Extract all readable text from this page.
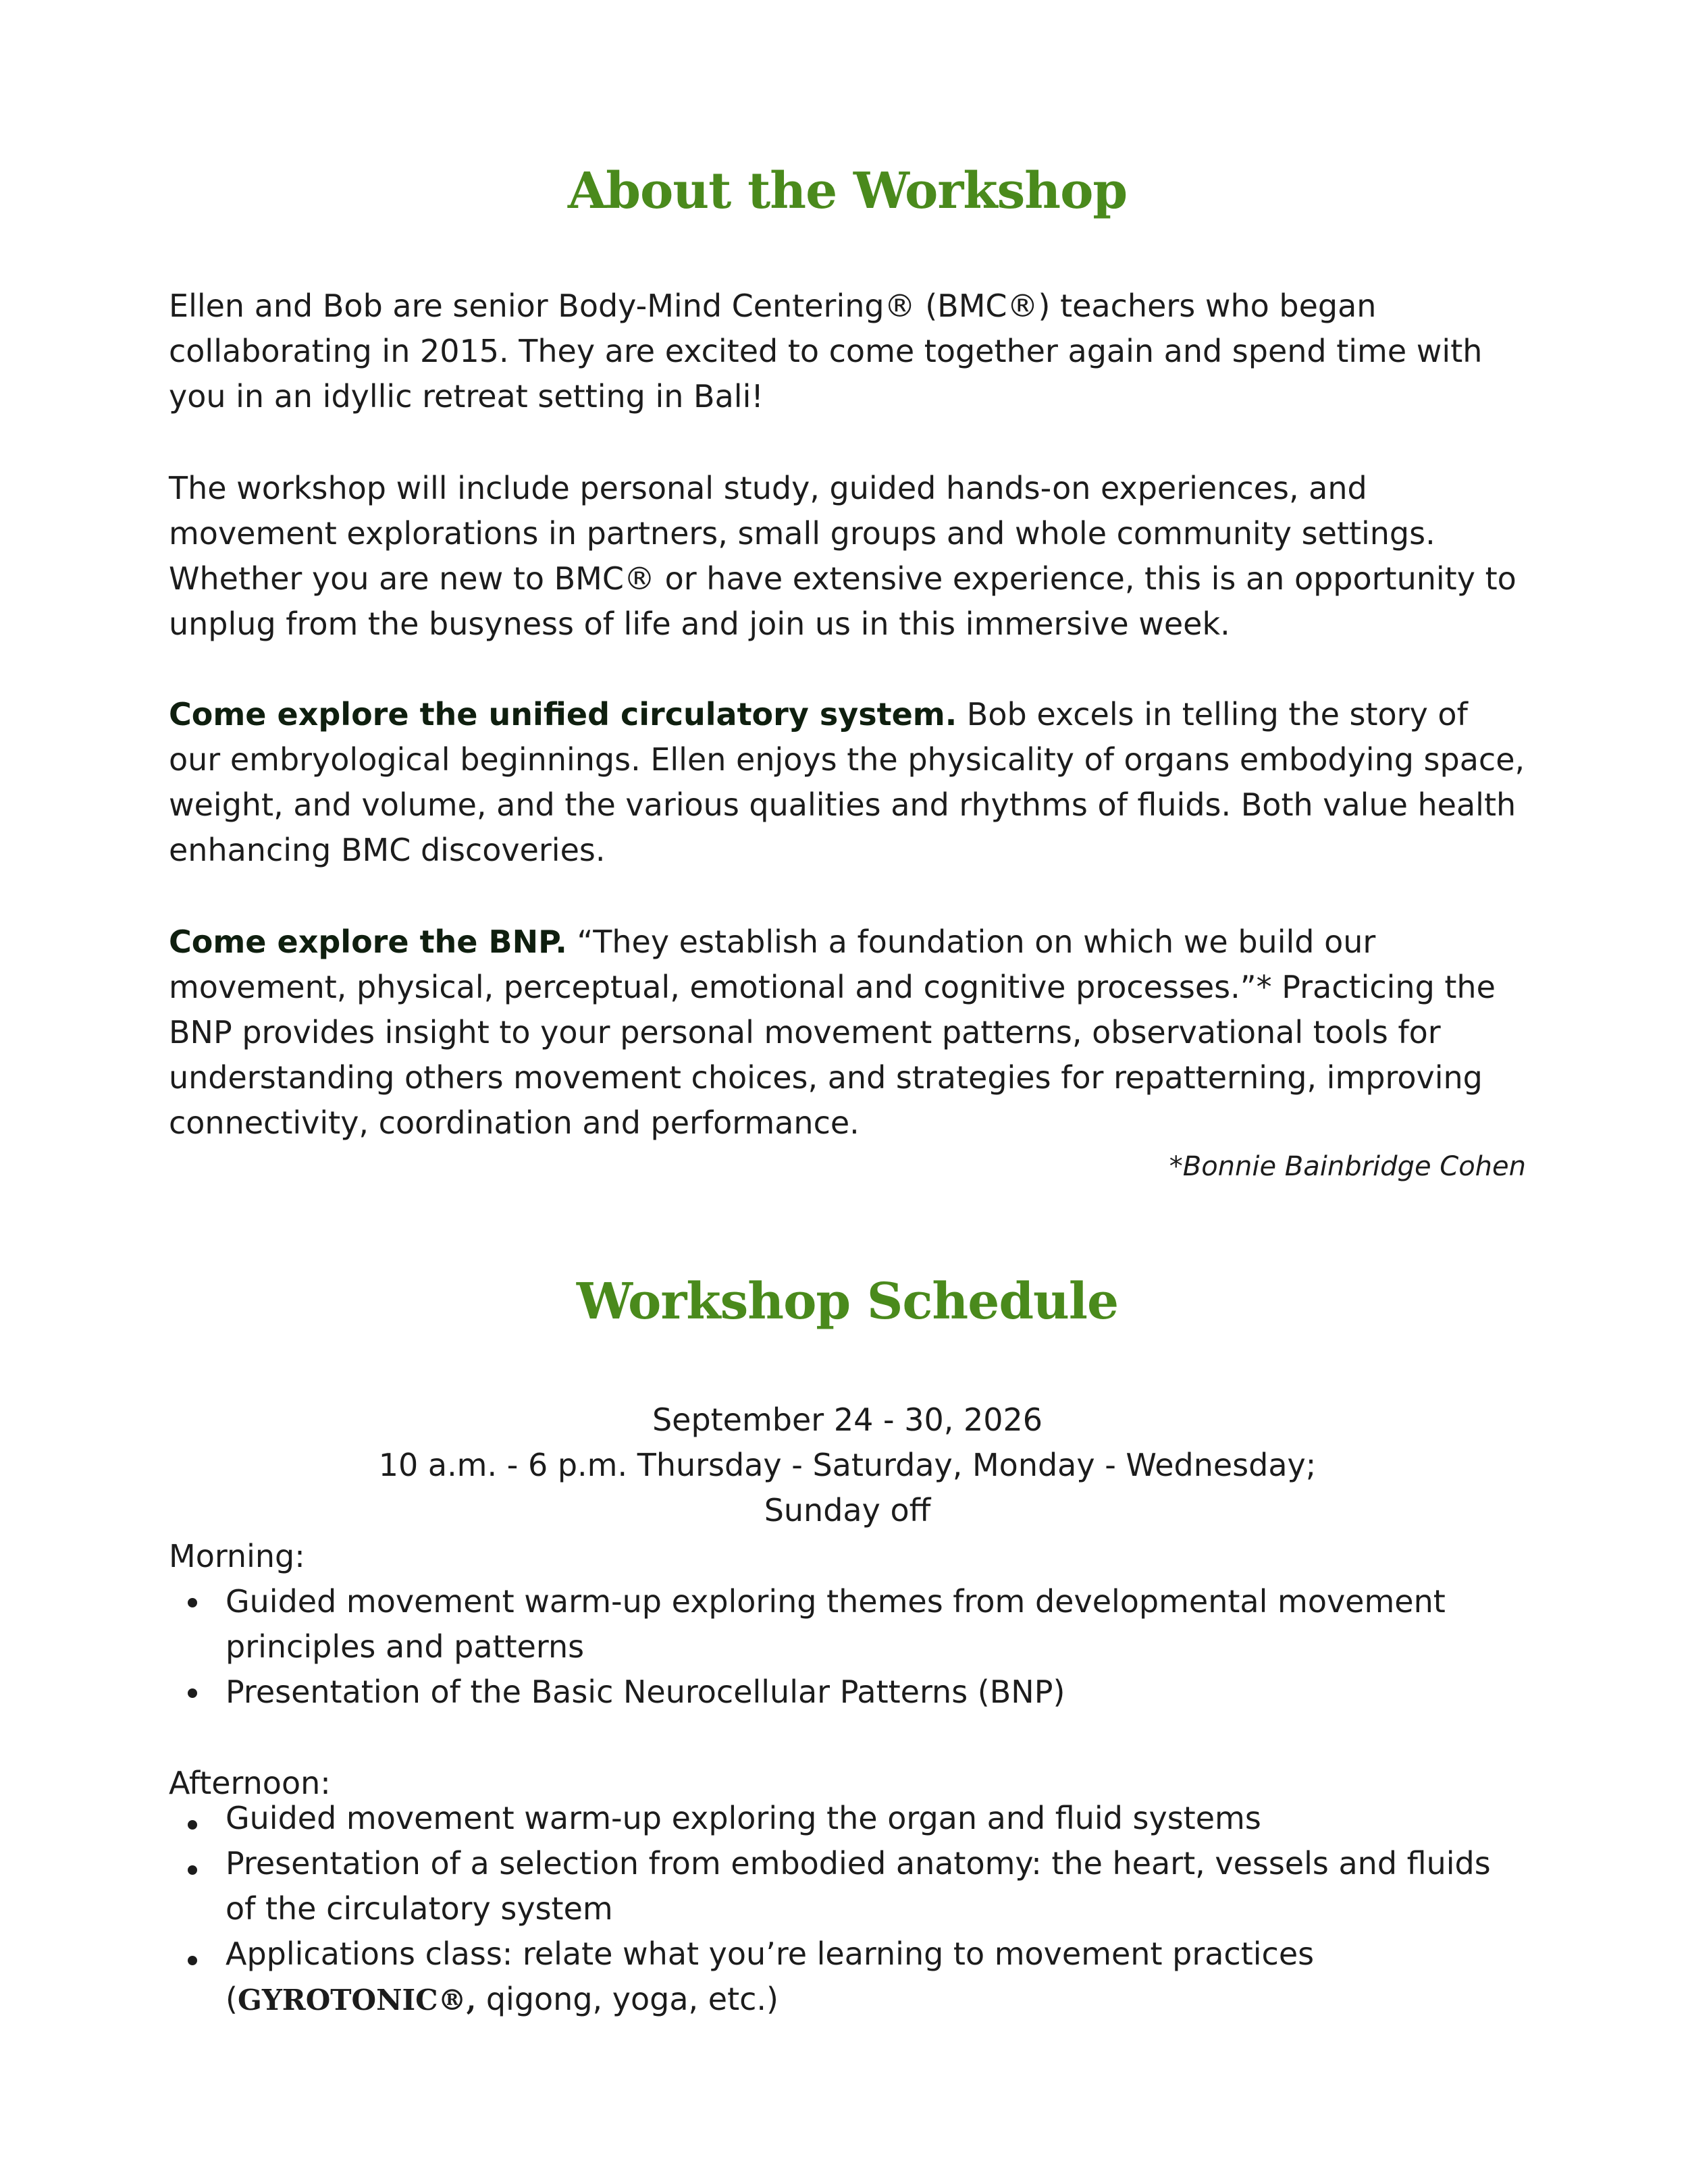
About the Workshop

Ellen and Bob are senior Body-Mind Centering® (BMC®) teachers who began collaborating in 2015. They are excited to come together again and spend time with you in an idyllic retreat setting in Bali!

The workshop will include personal study, guided hands-on experiences, and movement explorations in partners, small groups and whole community settings. Whether you are new to BMC® or have extensive experience, this is an opportunity to unplug from the busyness of life and join us in this immersive week.

Come explore the unified circulatory system. Bob excels in telling the story of our embryological beginnings. Ellen enjoys the physicality of organs embodying space, weight, and volume, and the various qualities and rhythms of fluids. Both value health enhancing BMC discoveries.

Come explore the BNP. “They establish a foundation on which we build our movement, physical, perceptual, emotional and cognitive processes.”* Practicing the BNP provides insight to your personal movement patterns, observational tools for understanding others movement choices, and strategies for repatterning, improving connectivity, coordination and performance.

*Bonnie Bainbridge Cohen
Workshop Schedule
September 24 - 30, 2026
10 a.m. - 6 p.m. Thursday - Saturday, Monday - Wednesday;
Sunday off
Morning:
Guided movement warm-up exploring themes from developmental movement principles and patterns
Presentation of the Basic Neurocellular Patterns (BNP)
Afternoon:
Guided movement warm-up exploring the organ and fluid systems
Presentation of a selection from embodied anatomy: the heart, vessels and fluids of the circulatory system
Applications class: relate what you’re learning to movement practices
(GYROTONIC®, qigong, yoga, etc.)
